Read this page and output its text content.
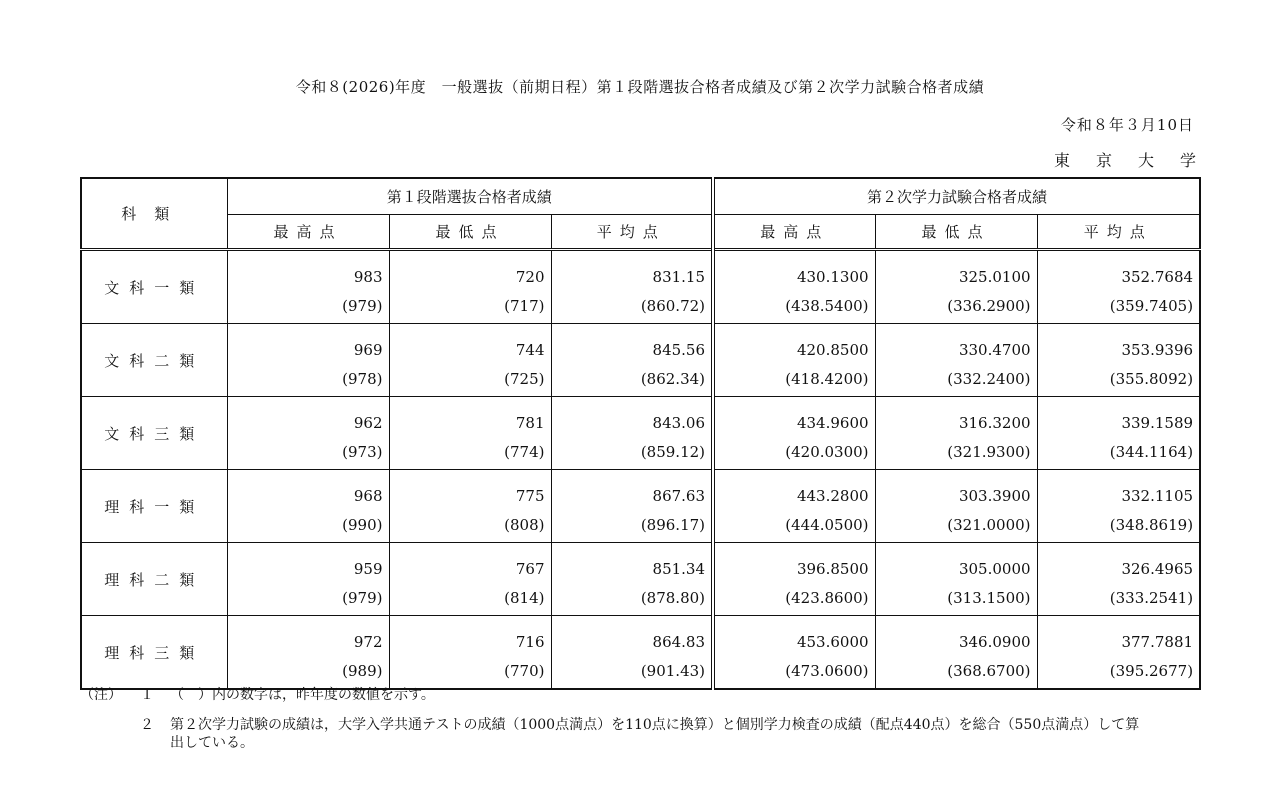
令和８(2026)年度　一般選抜（前期日程）第１段階選抜合格者成績及び第２次学力試験合格者成績
令和８年３月10日
東京大学
科類	第１段階選抜合格者成績			第２次学力試験合格者成績		
	最高点	最低点	平均点	最高点	最低点	平均点
文科一類	983	720	831.15	430.1300	325.0100	352.7684
	(979)	(717)	(860.72)	(438.5400)	(336.2900)	(359.7405)
文科二類	969	744	845.56	420.8500	330.4700	353.9396
	(978)	(725)	(862.34)	(418.4200)	(332.2400)	(355.8092)
文科三類	962	781	843.06	434.9600	316.3200	339.1589
	(973)	(774)	(859.12)	(420.0300)	(321.9300)	(344.1164)
理科一類	968	775	867.63	443.2800	303.3900	332.1105
	(990)	(808)	(896.17)	(444.0500)	(321.0000)	(348.8619)
理科二類	959	767	851.34	396.8500	305.0000	326.4965
	(979)	(814)	(878.80)	(423.8600)	(313.1500)	(333.2541)
理科三類	972	716	864.83	453.6000	346.0900	377.7881
	(989)	(770)	(901.43)	(473.0600)	(368.6700)	(395.2677)
（注）	１	（　）内の数字は，昨年度の数値を示す。
２	第２次学力試験の成績は，大学入学共通テストの成績（1000点満点）を110点に換算）と個別学力検査の成績（配点440点）を総合（550点満点）して算出している。
